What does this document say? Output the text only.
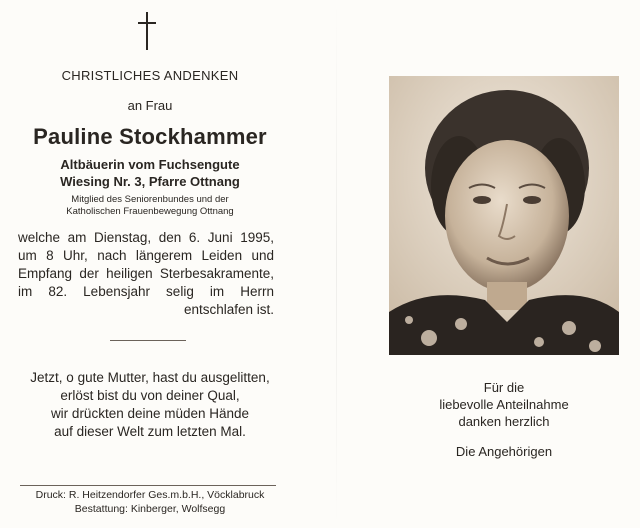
CHRISTLICHES ANDENKEN
an Frau
Pauline Stockhammer
Altbäuerin vom Fuchsengute
Wiesing Nr. 3, Pfarre Ottnang
Mitglied des Seniorenbundes und der
Katholischen Frauenbewegung Ottnang
welche am Dienstag, den 6. Juni 1995,
um 8 Uhr, nach längerem Leiden und
Empfang der heiligen Sterbesakramente,
im 82. Lebensjahr selig im Herrn
entschlafen ist.
Jetzt, o gute Mutter, hast du ausgelitten,
erlöst bist du von deiner Qual,
wir drückten deine müden Hände
auf dieser Welt zum letzten Mal.
Druck: R. Heitzendorfer Ges.m.b.H., Vöcklabruck
Bestattung: Kinberger, Wolfsegg
Für die
liebevolle Anteilnahme
danken herzlich
Die Angehörigen
